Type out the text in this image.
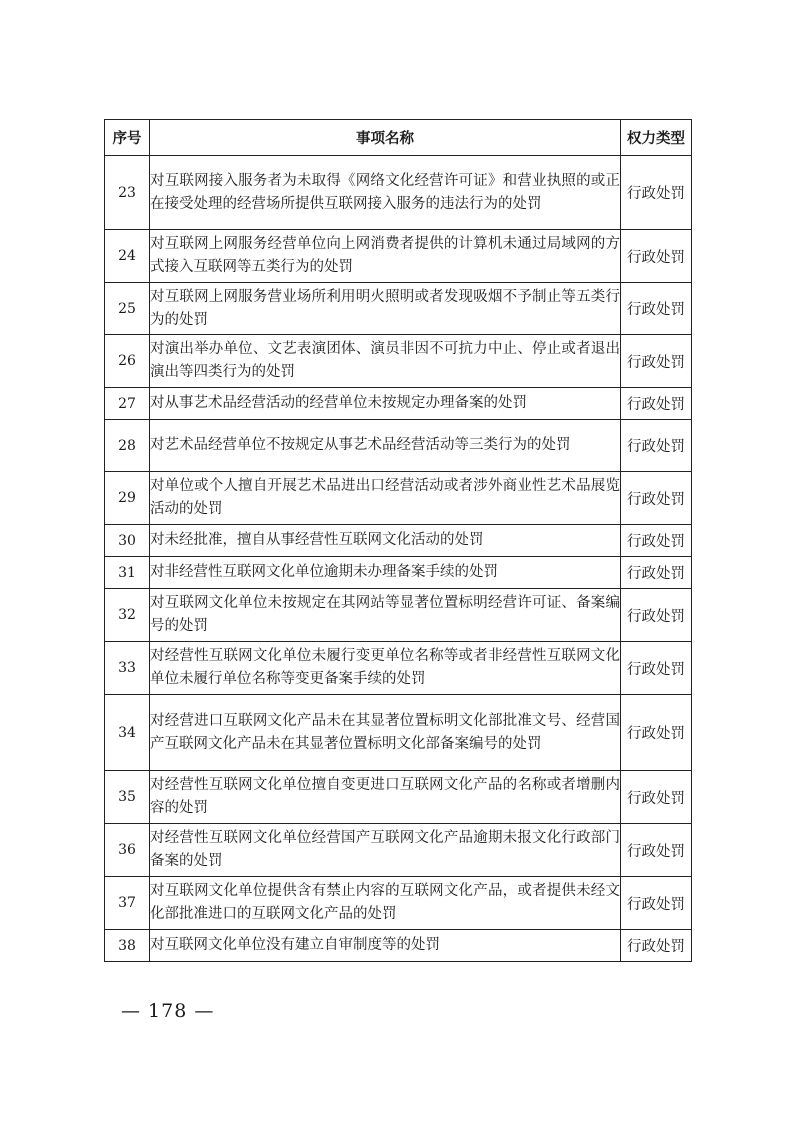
序号	事项名称	权力类型
23	对互联网接入服务者为未取得《网络文化经营许可证》和营业执照的或正在接受处理的经营场所提供互联网接入服务的违法行为的处罚	行政处罚
24	对互联网上网服务经营单位向上网消费者提供的计算机未通过局域网的方式接入互联网等五类行为的处罚	行政处罚
25	对互联网上网服务营业场所利用明火照明或者发现吸烟不予制止等五类行为的处罚	行政处罚
26	对演出举办单位、文艺表演团体、演员非因不可抗力中止、停止或者退出演出等四类行为的处罚	行政处罚
27	对从事艺术品经营活动的经营单位未按规定办理备案的处罚	行政处罚
28	对艺术品经营单位不按规定从事艺术品经营活动等三类行为的处罚	行政处罚
29	对单位或个人擅自开展艺术品进出口经营活动或者涉外商业性艺术品展览活动的处罚	行政处罚
30	对未经批准，擅自从事经营性互联网文化活动的处罚	行政处罚
31	对非经营性互联网文化单位逾期未办理备案手续的处罚	行政处罚
32	对互联网文化单位未按规定在其网站等显著位置标明经营许可证、备案编号的处罚	行政处罚
33	对经营性互联网文化单位未履行变更单位名称等或者非经营性互联网文化单位未履行单位名称等变更备案手续的处罚	行政处罚
34	对经营进口互联网文化产品未在其显著位置标明文化部批准文号、经营国产互联网文化产品未在其显著位置标明文化部备案编号的处罚	行政处罚
35	对经营性互联网文化单位擅自变更进口互联网文化产品的名称或者增删内容的处罚	行政处罚
36	对经营性互联网文化单位经营国产互联网文化产品逾期未报文化行政部门备案的处罚	行政处罚
37	对互联网文化单位提供含有禁止内容的互联网文化产品，或者提供未经文化部批准进口的互联网文化产品的处罚	行政处罚
38	对互联网文化单位没有建立自审制度等的处罚	行政处罚
— 178 —
